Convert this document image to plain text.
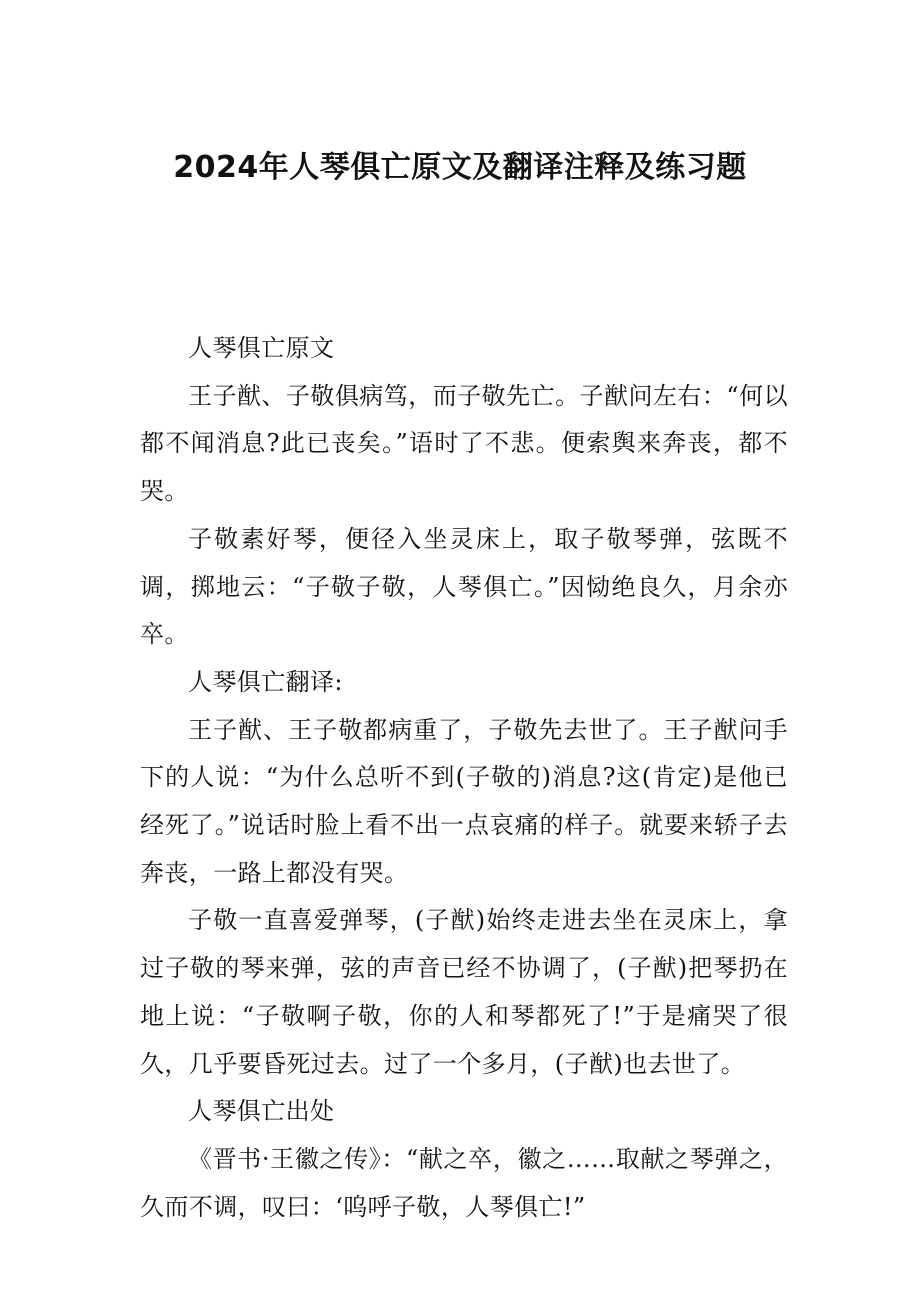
2024年人琴俱亡原文及翻译注释及练习题

人琴俱亡原文

王子猷、子敬俱病笃，而子敬先亡。子猷问左右：“何以都不闻消息?此已丧矣。”语时了不悲。便索舆来奔丧，都不哭。

子敬素好琴，便径入坐灵床上，取子敬琴弹，弦既不调，掷地云：“子敬子敬，人琴俱亡。”因恸绝良久，月余亦卒。

人琴俱亡翻译:

王子猷、王子敬都病重了，子敬先去世了。王子猷问手下的人说：“为什么总听不到(子敬的)消息?这(肯定)是他已经死了。”说话时脸上看不出一点哀痛的样子。就要来轿子去奔丧，一路上都没有哭。

子敬一直喜爱弹琴，(子猷)始终走进去坐在灵床上，拿过子敬的琴来弹，弦的声音已经不协调了，(子猷)把琴扔在地上说：“子敬啊子敬，你的人和琴都死了!”于是痛哭了很久，几乎要昏死过去。过了一个多月，(子猷)也去世了。

人琴俱亡出处

《晋书·王徽之传》：“献之卒，徽之……取献之琴弹之，久而不调，叹曰：‘呜呼子敬，人琴俱亡!”
